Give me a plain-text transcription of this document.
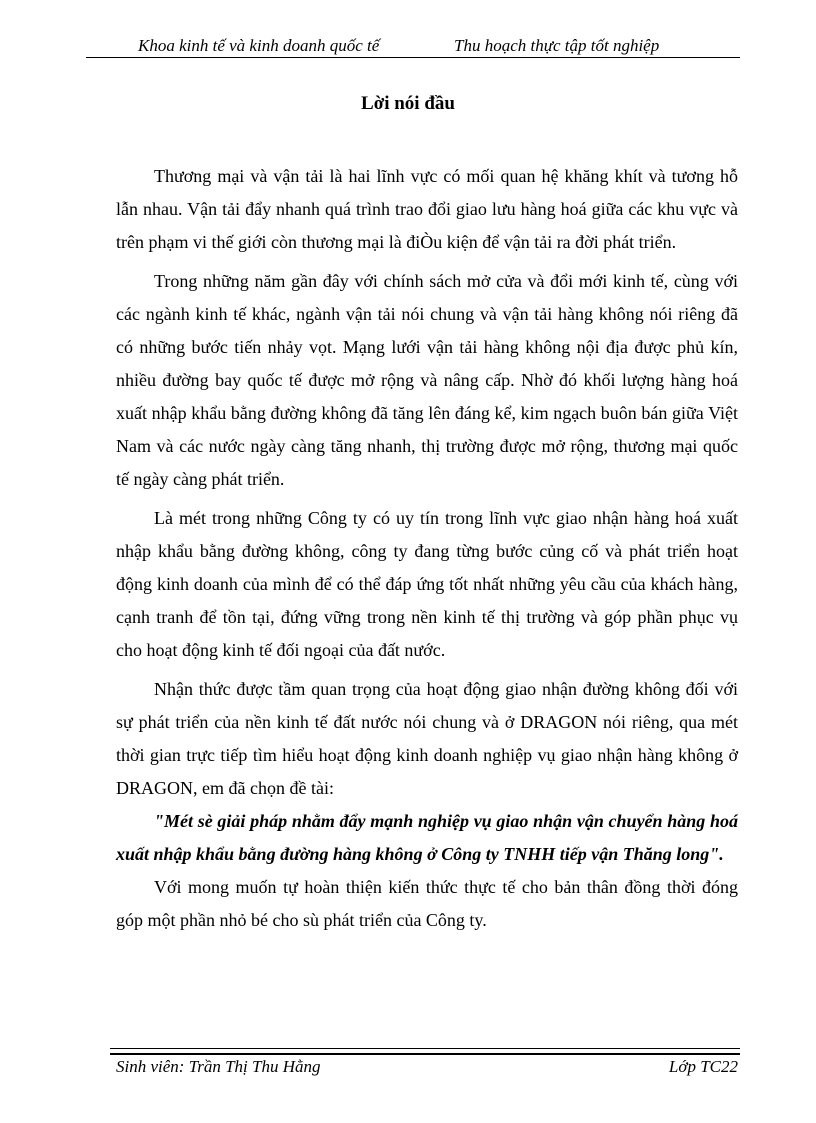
Khoa kinh tế và kinh doanh quốc tế	Thu hoạch thực tập tốt nghiệp
Lời nói đầu

Thương mại và vận tải là hai lĩnh vực có mối quan hệ khăng khít và tương hỗ lẫn nhau. Vận tải đẩy nhanh quá trình trao đổi giao lưu hàng hoá giữa các khu vực và trên phạm vi thế giới còn thương mại là điÒu kiện để vận tải ra đời phát triển.

Trong những năm gần đây với chính sách mở cửa và đổi mới kinh tế, cùng với các ngành kinh tế khác, ngành vận tải nói chung và vận tải hàng không nói riêng đã có những bước tiến nhảy vọt. Mạng lưới vận tải hàng không nội địa được phủ kín, nhiều đường bay quốc tế được mở rộng và nâng cấp. Nhờ đó khối lượng hàng hoá xuất nhập khẩu bằng đường không đã tăng lên đáng kể, kim ngạch buôn bán giữa Việt Nam và các nước ngày càng tăng nhanh, thị trường được mở rộng, thương mại quốc tế ngày càng phát triển.

Là mét trong những Công ty có uy tín trong lĩnh vực giao nhận hàng hoá xuất nhập khẩu bằng đường không, công ty đang từng bước củng cố và phát triển hoạt động kinh doanh của mình để có thể đáp ứng tốt nhất những yêu cầu của khách hàng, cạnh tranh để tồn tại, đứng vững trong nền kinh tế thị trường và góp phần phục vụ cho hoạt động kinh tế đối ngoại của đất nước.

Nhận thức được tầm quan trọng của hoạt động giao nhận đường không đối với sự phát triển của nền kinh tế đất nước nói chung và ở DRAGON nói riêng, qua mét thời gian trực tiếp tìm hiểu hoạt động kinh doanh nghiệp vụ giao nhận hàng không ở DRAGON, em đã chọn đề tài:

"Mét sè giải pháp nhằm đẩy mạnh nghiệp vụ giao nhận vận chuyển hàng hoá xuất nhập khẩu bằng đường hàng không ở Công ty TNHH tiếp vận Thăng long".

Với mong muốn tự hoàn thiện kiến thức thực tế cho bản thân đồng thời đóng góp một phần nhỏ bé cho sù phát triển của Công ty.

Sinh viên: Trần Thị Thu Hằng	Lớp TC22
